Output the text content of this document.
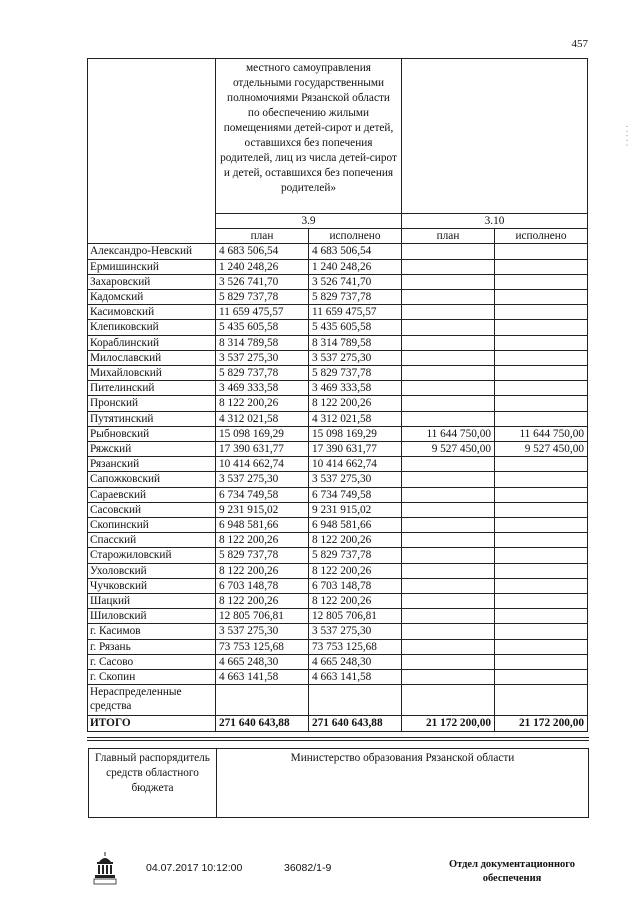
457
· · · · ·
	местного самоуправления отдельными государственными полномочиями Рязанской области по обеспечению жилыми помещениями детей-сирот и детей, оставшихся без попечения родителей, лиц из числа детей-сирот и детей, оставшихся без попечения родителей»			
	3.9		3.10	
	план	исполнено	план	исполнено
Александро-Невский	4 683 506,54	4 683 506,54		
Ермишинский	1 240 248,26	1 240 248,26		
Захаровский	3 526 741,70	3 526 741,70		
Кадомский	5 829 737,78	5 829 737,78		
Касимовский	11 659 475,57	11 659 475,57		
Клепиковский	5 435 605,58	5 435 605,58		
Кораблинский	8 314 789,58	8 314 789,58		
Милославский	3 537 275,30	3 537 275,30		
Михайловский	5 829 737,78	5 829 737,78		
Пителинский	3 469 333,58	3 469 333,58		
Пронский	8 122 200,26	8 122 200,26		
Путятинский	4 312 021,58	4 312 021,58		
Рыбновский	15 098 169,29	15 098 169,29	11 644 750,00	11 644 750,00
Ряжский	17 390 631,77	17 390 631,77	9 527 450,00	9 527 450,00
Рязанский	10 414 662,74	10 414 662,74		
Сапожковский	3 537 275,30	3 537 275,30		
Сараевский	6 734 749,58	6 734 749,58		
Сасовский	9 231 915,02	9 231 915,02		
Скопинский	6 948 581,66	6 948 581,66		
Спасский	8 122 200,26	8 122 200,26		
Старожиловский	5 829 737,78	5 829 737,78		
Ухоловский	8 122 200,26	8 122 200,26		
Чучковский	6 703 148,78	6 703 148,78		
Шацкий	8 122 200,26	8 122 200,26		
Шиловский	12 805 706,81	12 805 706,81		
г. Касимов	3 537 275,30	3 537 275,30		
г. Рязань	73 753 125,68	73 753 125,68		
г. Сасово	4 665 248,30	4 665 248,30		
г. Скопин	4 663 141,58	4 663 141,58		
Нераспределенные средства				
ИТОГО	271 640 643,88	271 640 643,88	21 172 200,00	21 172 200,00
Главный распорядитель средств областного бюджета	Министерство образования Рязанской области
04.07.2017 10:12:00	36082/1-9	Отдел документационного обеспечения
